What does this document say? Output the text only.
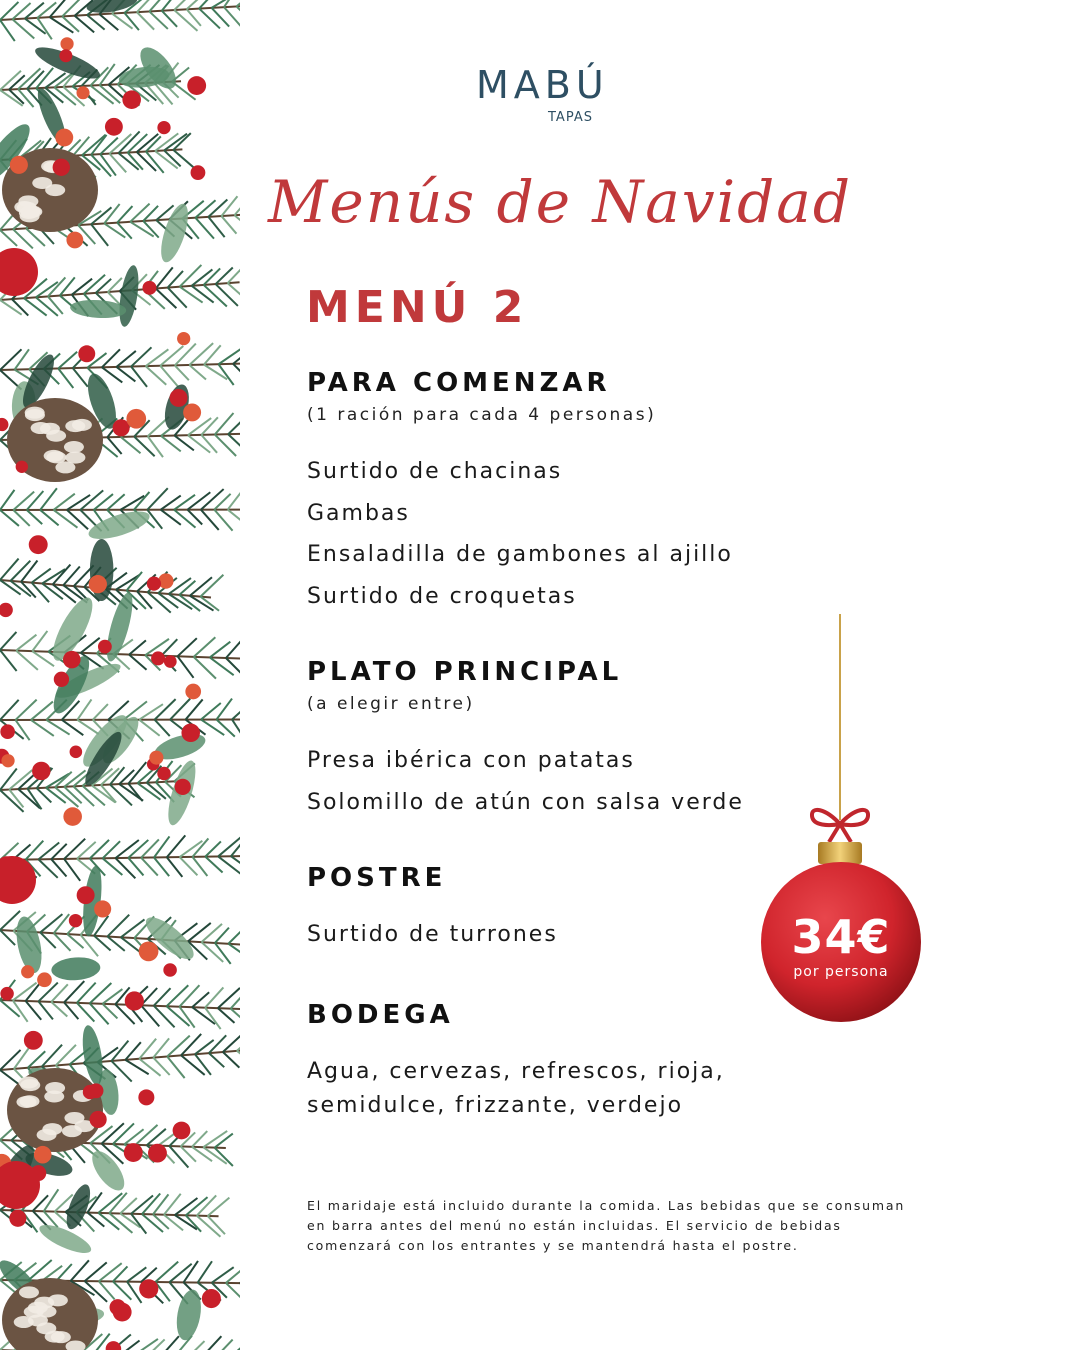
MABÚ
TAPAS
Menús de Navidad
MENÚ 2
PARA COMENZAR
(1 ración para cada 4 personas)
Surtido de chacinas
Gambas
Ensaladilla de gambones al ajillo
Surtido de croquetas
PLATO PRINCIPAL
(a elegir entre)
Presa ibérica con patatas
Solomillo de atún con salsa verde
POSTRE
Surtido de turrones
BODEGA
Agua, cervezas, refrescos, rioja,
semidulce, frizzante, verdejo
34€
por persona
El maridaje está incluido durante la comida. Las bebidas que se consuman en barra antes del menú no están incluidas. El servicio de bebidas comenzará con los entrantes y se mantendrá hasta el postre.
